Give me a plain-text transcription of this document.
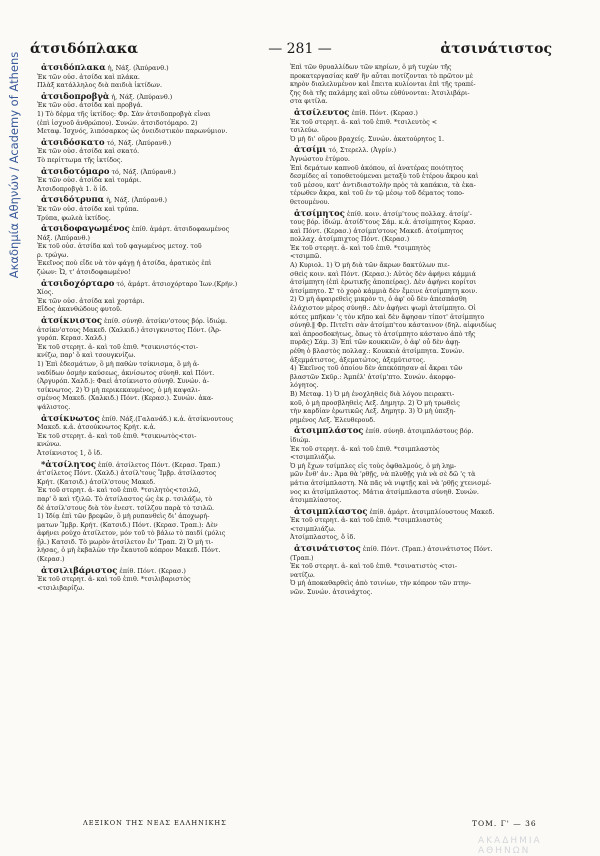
Ακαδημία Αθηνών / Academy of Athens
— 281 —
άτσιδόπλακα	ἀτσινάτιστος
ἀτσιδόπλακα ἡ, Νάξ. (Ἀπύρανθ.)
Ἐκ τῶν οὐσ. ἀτσίδα καὶ πλάκα.
Πλὰξ κατάλληλος διὰ παιδιὰ ἰκτίδων.
ἀτσιδοπροβγὰ ἡ, Νάξ. (Ἀπύρανθ.)
Ἐκ τῶν οὐσ. ἀτσίδα καὶ προβγά.
1) Τὸ δέρμα τῆς ἰκτίδος: Φρ. Σὰν ἀτσιδοπροβγὰ εἶναι
(ἐπὶ ἰσχνοῦ ἀνθρώπου). Συνών. ἀτσιδοτόμαρο. 2)
Μεταφ. Ἰσχνός, λιπόσαρκος ὡς ὀνειδιστικὸν παρωνύμιον.
ἀτσιδόσκατο τό, Νάξ. (Ἀπύρανθ.)
Ἐκ τῶν οὐσ. ἀτσίδα καὶ σκατό.
Τὸ περίττωμα τῆς ἰκτίδος.
ἀτσιδοτόμαρο τό, Νάξ. (Ἀπύρανθ.)
Ἐκ τῶν οὐσ. ἀτσίδα καὶ τομάρι.
Ἀτσιδοπροβγὰ 1. ὅ ἰδ.
ἀτσιδότρυπα ἡ, Νάξ. (Ἀπύρανθ.)
Ἐκ τῶν οὐσ. ἀτσίδα καὶ τρύπα.
Τρύπα, φωλεὰ ἰκτίδος.
ἀτσιδοφαγωμένος ἐπίθ. ἀμάρτ. ἀτσιδοφαωμένος
Νάξ. (Ἀπύρανθ.)
Ἐκ τοῦ οὐσ. ἀτσίδα καὶ τοῦ φαγωμένος μετοχ. τοῦ
ρ. τρώγω.
Ἐκεῖνος ποὺ εἶδε νὰ τὸν φάγῃ ἡ ἀτσίδα, ἀρατικὸς ἐπὶ
ζώων: Ὦ, τ' ἀτσιδοφαωμένο!
ἀτσιδοχόρταρο τό, ἀμάρτ. ἀτσιοχόρταρο Ἰων.(Κρήν.)
Χίος.
Ἐκ τῶν οὐσ. ἀτσίδα καὶ χορτάρι.
Εἶδος ἀκανθώδους φυτοῦ.
ἀτσίκνιστος ἐπίθ. σύνηθ. ἀτσίκν'στους βόρ. ἰδιώμ.
ἀτσίκν'στους Μακεδ. (Χαλκιδ.) ἀτσιγκνιστος Πόντ. (Ἀρ-
γυρόπ. Κερασ. Χαλδ.)
Ἐκ τοῦ στερητ. ἀ- καὶ τοῦ ἐπιθ. *τσικνιστός<τσι-
κνίζω, παρ' ὃ καὶ τσουγκνίζω.
1) Ἐπὶ ἐδεσμάτων, ὃ μὴ παθὼν τσίκνισμα, ὃ μὴ ἀ-
ναδίδων ὀσμὴν καύσεως, ἀκνίσωτος σύνηθ. καὶ Πόντ.
(Ἀργυρόπ. Χαλδ.): Φαεὶ ἀτσίκνιστο σύνηθ. Συνών. ἀ-
τσίκνωτος. 2) Ὁ μὴ περικεκαυμένος, ὁ μὴ καψαλι-
σμένος Μακεδ. (Χαλκιδ.) Πόντ. (Κερασ.). Συνών. ἀκα-
ψάλιστος.
ἀτσίκνωτος ἐπίθ. Νάξ.(Γαλανάδ.) κ.ἀ. ἀτσίκνουτους
Μακεδ. κ.ἀ. ἀτσούκνωτος Κρήτ. κ.ἀ.
Ἐκ τοῦ στερητ. ἀ- καὶ τοῦ ἐπιθ. *τσικνωτὸς<τσι-
κνώνω.
Ἀτσίκνιστος 1, ὅ ἰδ.
*ἀτσίλητος ἐπίθ. ἀτσίλετος Πόντ. (Κερασ. Τραπ.)
ἀτ'σίλετος Πόντ. (Χαλδ.) ἀτσίλ'τους Ἴμβρ. ἀτσίλαστος
Κρήτ. (Κατσιδ.) ἀτσίλ'στους Μακεδ.
Ἐκ τοῦ στερητ. ἀ- καὶ τοῦ ἐπιθ. *τσιλητὸς<τσιλῶ,
παρ' ὃ καὶ τζιλῶ. Τὸ ἀτσίλαστος ὡς ἐκ ρ. τσιλάζω, τὸ
δὲ ἀτσίλ'στους διὰ τὸν ἑνεστ. τσίλζου παρὰ τὸ τσιλῶ.
1) Ἰδίᾳ ἐπὶ τῶν βρεφῶν, ὃ μὴ ρυπανθεὶς δι' ἀποχωρή-
ματων Ἴμβρ. Κρήτ. (Κατσιδ.) Πόντ. (Κερασ. Τραπ.): Δὲν
ἀφήνει ρούχο ἀτσίλετον, μόν τοῦ τὸ βάλω τὸ παιδί (μόλις
ᾖλ.) Κατσιδ. Τὸ μωρὸν ἀτσίλετον ἔν' Τραπ. 2) Ὁ μὴ τι-
λήσας, ὁ μὴ ἐκβαλὼν τὴν ἔκαυτοῦ κόπρον Μακεδ. Πόντ.
(Κερασ.)
ἀτσιλιβάριστος ἐπίθ. Πόντ. (Κερασ.)
Ἐκ τοῦ στερητ. ἀ- καὶ τοῦ ἐπιθ. *τσιλιβαριστὸς
<τσιλιβαρίζω.
Ἐπὶ τῶν θρυαλλίδων τῶν κηρίων, ὁ μὴ τυχὼν τῆς
προκατεργασίας καθ' ἣν αὗται ποτίζονται τὸ πρῶτον μὲ
κηρὸν διαλελυμένον καὶ ἔπειτα κυλίονται ἐπὶ τῆς τραπέ-
ζης διὰ τῆς παλάμης καὶ οὕτω εὐθύνονται: Ἀτσιλιβάρι-
στα φιτίλα.
ἀτσίλευτος ἐπίθ. Πόντ. (Κερασ.)
Ἐκ τοῦ στερητ. ἀ- καὶ τοῦ ἐπιθ. *τσιλευτὸς <
τσιλεύω.
Ὁ μὴ δι' οὔρου βραχείς. Συνών. ἀκατούρητος 1.
ἀτσίμι τό, Στερελλ. (Ἀγρίν.)
Ἀγνώστου ἐτύμου.
Ἐπὶ δεμάτων καπνοῦ ἀκόπου, αἱ ἀνατέρας ποιότητος
δεσμίδες αἱ τοποθετούμεναι μεταξὺ τοῦ ἑτέρου ἄκρου καὶ
τοῦ μέσου, κατ' ἀντιδιαστολὴν πρὸς τὰ καπάκια, τὰ ἐκα-
τέρωθεν ἄκρα, καὶ τοῦ ἐν τῷ μέσῳ τοῦ δέματος τοπο-
θετουμένου.
ἀτσίμητος ἐπίθ. κοιν. ἀτσίμ'τους πολλαχ. ἀτσίμ'-
τους βόρ. ἰδιώμ. ἀτσίδ'τους Σάμ. κ.ἀ. ἀτσίμπητος Κερασ.
καὶ Πόντ. (Κερασ.) ἀτσίμπ'στους Μακεδ. ἀτσίμπητος
πολλαχ. ἀτσίμπιχτος Πόντ. (Κερασ.)
Ἐκ τοῦ στερητ. ἀ- καὶ τοῦ ἐπιθ. *τσιμπητὸς
<τσιμπῶ.
A) Κυριολ. 1) Ὁ μὴ διὰ τῶν ἄκρων δακτύλων πιε-
σθεὶς κοιν. καὶ Πόντ. (Κερασ.): Αὐτὸς δὲν ἀφήνει κάμμιά
ἀτσίμπητη (ἐπὶ ἐρωτικῆς ἀποπείρας). Δὲν ἀφήνει κορίτσι
ἀτσίμπητο. Σ' τὸ χορὸ κάμμιὰ δὲν ἔμεινε ἀτσίμπητη κοιν.
2) Ὁ μὴ ἀφαιρεθεὶς μικρὸν τι, ὁ ἀφ' οὗ δὲν ἀπεσπάσθη
ἐλάχιστον μέρος σύνηθ.: Δὲν ἀφήνει ψωμὶ ἀτσίμπητο. Οἱ
κότες μπῆκαν 'ς τὸν κῆπο καὶ δὲν ἄφησαν τίποτ' ἀτσίμπητο
σύνηθ.‖ Φρ. Πιτεῖτι σὰν ἀτσίμπ'του κάσταινον (δηλ. αἰφνιδίως
καὶ ἀπροσδοκήτως, ὅπως τὸ ἀτσίμπητο κάστανο ἀπὸ τῆς
πυρᾶς) Σάμ. 3) Ἐπὶ τῶν κουκκιῶν, ὁ ἀφ' οὗ δὲν ἀφῃ-
ρέθη ὁ βλαστὸς πολλαχ.: Κουκκιὰ ἀτσίμπητα. Συνών.
ἀξεμμάτιστος, ἀξεματώτος, ἀξεμύτιστος.
4) Ἐκεῖνος τοῦ ὁποίου δὲν ἀπεκόπησαν αἱ ἄκραι τῶν
βλαστῶν Σκῦρ.: Ἀμπέλ' ἀτσίμ'πτο. Συνών. ἀκορφο-
λόγητος.
B) Μεταφ. 1) Ὁ μὴ ἐνοχληθεὶς διὰ λόγου πειρακτι-
κοῦ, ὁ μὴ προσβληθεὶς Λεξ. Δημητρ. 2) Ὁ μὴ τρωθεὶς
τὴν καρδίαν ἐρωτικῶς Λεξ. Δημητρ. 3) Ὁ μὴ ὑπεξη-
ρημένος Λεξ. Ἐλευθερουδ.
ἀτσιμπλάστος ἐπίθ. σύνηθ. ἀτσιμπλάστους βόρ.
ἰδιώμ.
Ἐκ τοῦ στερητ. ἀ- καὶ τοῦ ἐπιθ. *τσιμπλαστὸς
<τσιμπλιάζω.
Ὁ μὴ ἔχων τσίμπλες εἰς τοὺς ὀφθαλμούς, ὁ μὴ λημ-
μῶν ἔνθ' ἀν.: Ἀμα θὰ 'ρθῇς, νὰ πλυθῇς γιὰ νὰ σὲ δῶ 'ς τὰ
μάτια ἀτσίμπλαστη. Νὰ πᾶς νὰ νιφτῇς καὶ νὰ 'ρθῇς χτενισμέ-
νος κι ἀτσίμπλαστος. Μάτια ἀτσίμπλαστα σύνηθ. Συνών.
ἀτσιμπλίαστος.
ἀτσιμπλίαστος ἐπίθ. ἀμάρτ. ἀτσιμπλίουστους Μακεδ.
Ἐκ τοῦ στερητ. ἀ- καὶ τοῦ ἐπιθ. *τσιμπλιαστὸς
<τσιμπλιάζω.
Ἀτσίμπλαστος, ὅ ἰδ.
ἀτσινάτιστος ἐπίθ. Πόντ. (Τραπ.) ἀτσινάτιστος Πόντ.
(Τραπ.)
Ἐκ τοῦ στερητ. ἀ- καὶ τοῦ ἐπιθ. *τσινατιστὸς <τσι-
νατίζω.
Ὁ μὴ ἀποκαθαρθεὶς ἀπὸ τσινίων, τὴν κόπρον τῶν πτην-
νῶν. Συνών. ἀτσινάχτος.
ΛΕΞΙΚΟΝ ΤΗΣ ΝΕΑΣ ΕΛΛΗΝΙΚΗΣ	ΤΟΜ. Γ' — 36
ΑΚΑΔΗΜΙΑ ΑΘΗΝΩΝ
